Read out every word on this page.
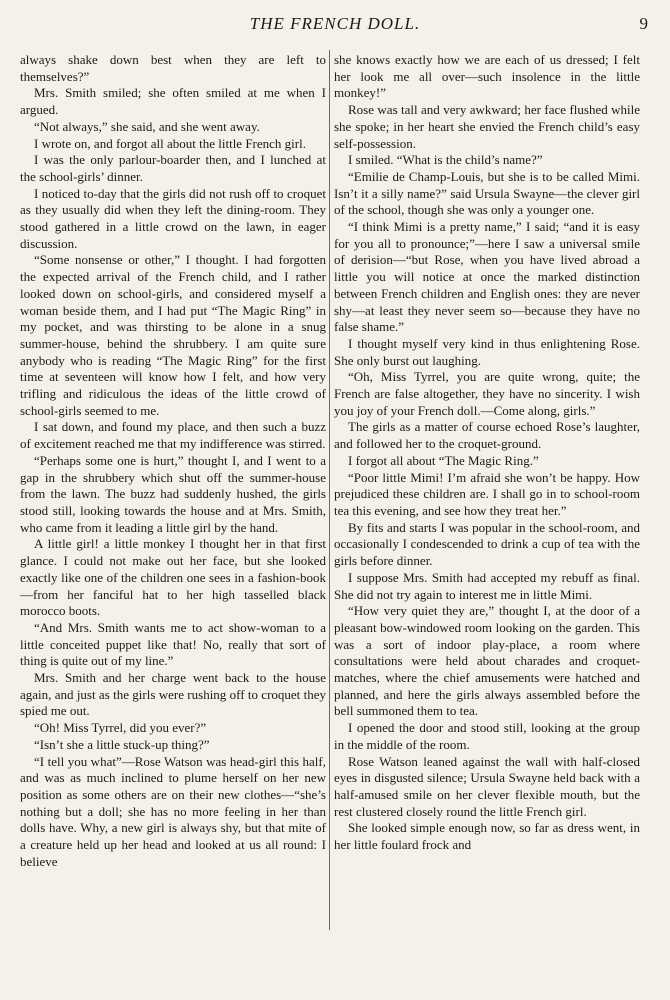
THE FRENCH DOLL.	9

always shake down best when they are left to themselves?”

Mrs. Smith smiled; she often smiled at me when I argued.

“Not always,” she said, and she went away.

I wrote on, and forgot all about the little French girl.

I was the only parlour-boarder then, and I lunched at the school-girls’ dinner.

I noticed to-day that the girls did not rush off to croquet as they usually did when they left the dining-room. They stood gathered in a little crowd on the lawn, in eager discussion.

“Some nonsense or other,” I thought. I had forgotten the expected arrival of the French child, and I rather looked down on school-girls, and considered myself a woman beside them, and I had put “The Magic Ring” in my pocket, and was thirsting to be alone in a snug summer-house, behind the shrubbery. I am quite sure anybody who is reading “The Magic Ring” for the first time at seventeen will know how I felt, and how very trifling and ridiculous the ideas of the little crowd of school-girls seemed to me.

I sat down, and found my place, and then such a buzz of excitement reached me that my indifference was stirred.

“Perhaps some one is hurt,” thought I, and I went to a gap in the shrubbery which shut off the summer-house from the lawn. The buzz had suddenly hushed, the girls stood still, looking towards the house and at Mrs. Smith, who came from it leading a little girl by the hand.

A little girl! a little monkey I thought her in that first glance. I could not make out her face, but she looked exactly like one of the children one sees in a fashion-book—from her fanciful hat to her high tasselled black morocco boots.

“And Mrs. Smith wants me to act show-woman to a little conceited puppet like that! No, really that sort of thing is quite out of my line.”

Mrs. Smith and her charge went back to the house again, and just as the girls were rushing off to croquet they spied me out.

“Oh! Miss Tyrrel, did you ever?”

“Isn’t she a little stuck-up thing?”

“I tell you what”—Rose Watson was head-girl this half, and was as much inclined to plume herself on her new position as some others are on their new clothes—“she’s nothing but a doll; she has no more feeling in her than dolls have. Why, a new girl is always shy, but that mite of a creature held up her head and looked at us all round: I believe

she knows exactly how we are each of us dressed; I felt her look me all over—such insolence in the little monkey!”

Rose was tall and very awkward; her face flushed while she spoke; in her heart she envied the French child’s easy self-possession.

I smiled. “What is the child’s name?”

“Emilie de Champ-Louis, but she is to be called Mimi. Isn’t it a silly name?” said Ursula Swayne—the clever girl of the school, though she was only a younger one.

“I think Mimi is a pretty name,” I said; “and it is easy for you all to pronounce;”—here I saw a universal smile of derision—“but Rose, when you have lived abroad a little you will notice at once the marked distinction between French children and English ones: they are never shy—at least they never seem so—because they have no false shame.”

I thought myself very kind in thus enlightening Rose. She only burst out laughing.

“Oh, Miss Tyrrel, you are quite wrong, quite; the French are false altogether, they have no sincerity. I wish you joy of your French doll.—Come along, girls.”

The girls as a matter of course echoed Rose’s laughter, and followed her to the croquet-ground.

I forgot all about “The Magic Ring.”

“Poor little Mimi! I’m afraid she won’t be happy. How prejudiced these children are. I shall go in to school-room tea this evening, and see how they treat her.”

By fits and starts I was popular in the school-room, and occasionally I condescended to drink a cup of tea with the girls before dinner.

I suppose Mrs. Smith had accepted my rebuff as final. She did not try again to interest me in little Mimi.

“How very quiet they are,” thought I, at the door of a pleasant bow-windowed room looking on the garden. This was a sort of indoor play-place, a room where consultations were held about charades and croquet-matches, where the chief amusements were hatched and planned, and here the girls always assembled before the bell summoned them to tea.

I opened the door and stood still, looking at the group in the middle of the room.

Rose Watson leaned against the wall with half-closed eyes in disgusted silence; Ursula Swayne held back with a half-amused smile on her clever flexible mouth, but the rest clustered closely round the little French girl.

She looked simple enough now, so far as dress went, in her little foulard frock and
